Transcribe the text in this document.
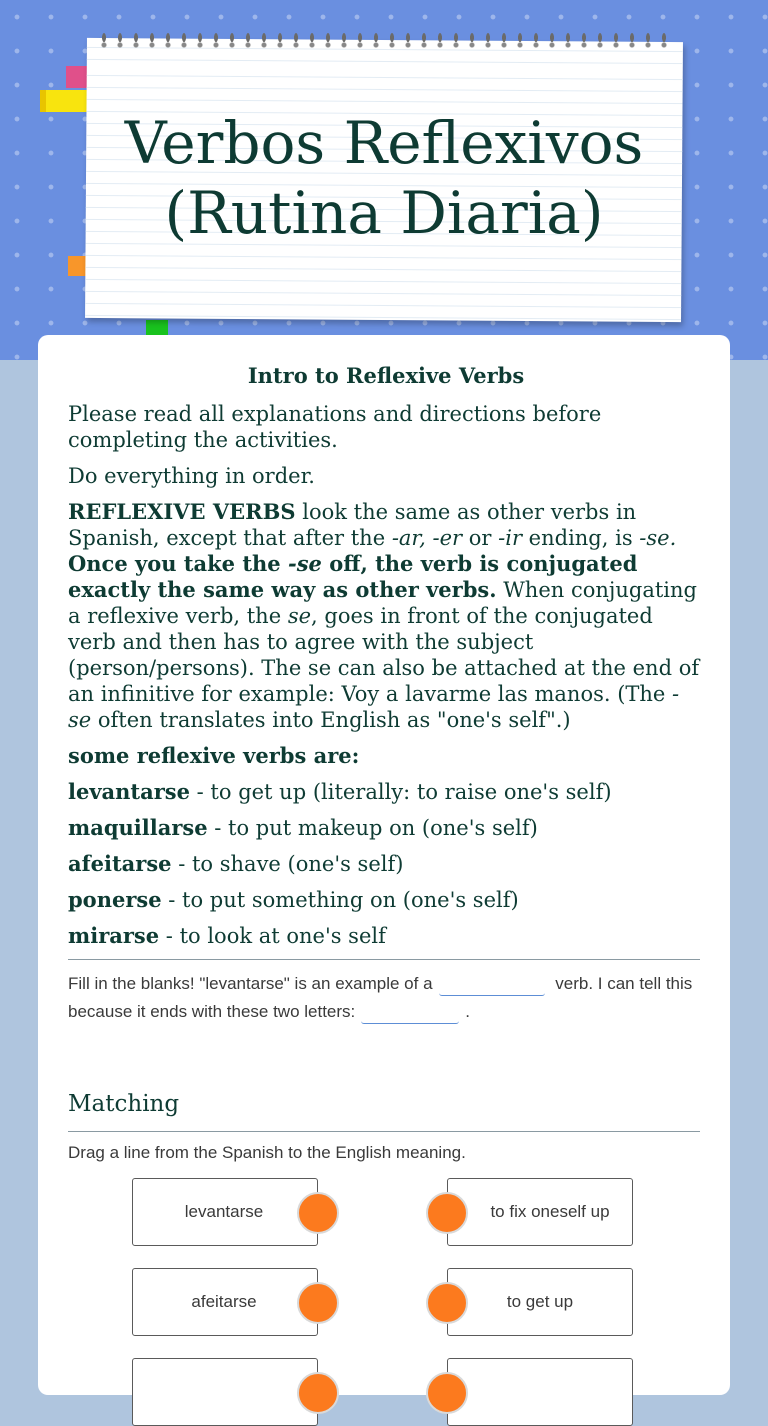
Verbos Reflexivos
(Rutina Diaria)
Intro to Reflexive Verbs

Please read all explanations and directions before completing the activities.

Do everything in order.

REFLEXIVE VERBS look the same as other verbs in Spanish, except that after the -ar, -er or -ir ending, is -se. Once you take the -se off, the verb is conjugated exactly the same way as other verbs. When conjugating a reflexive verb, the se, goes in front of the conjugated verb and then has to agree with the subject (person/persons). The se can also be attached at the end of an infinitive for example: Voy a lavarme las manos. (The -se often translates into English as "one's self".)

some reflexive verbs are:

levantarse - to get up (literally: to raise one's self)

maquillarse - to put makeup on (one's self)

afeitarse - to shave (one's self)

ponerse - to put something on (one's self)

mirarse - to look at one's self

Fill in the blanks! "levantarse" is an example of a	verb. I can tell this because it ends with these two letters:	.
Matching
Drag a line from the Spanish to the English meaning.
levantarse	to fix oneself up
afeitarse	to get up
